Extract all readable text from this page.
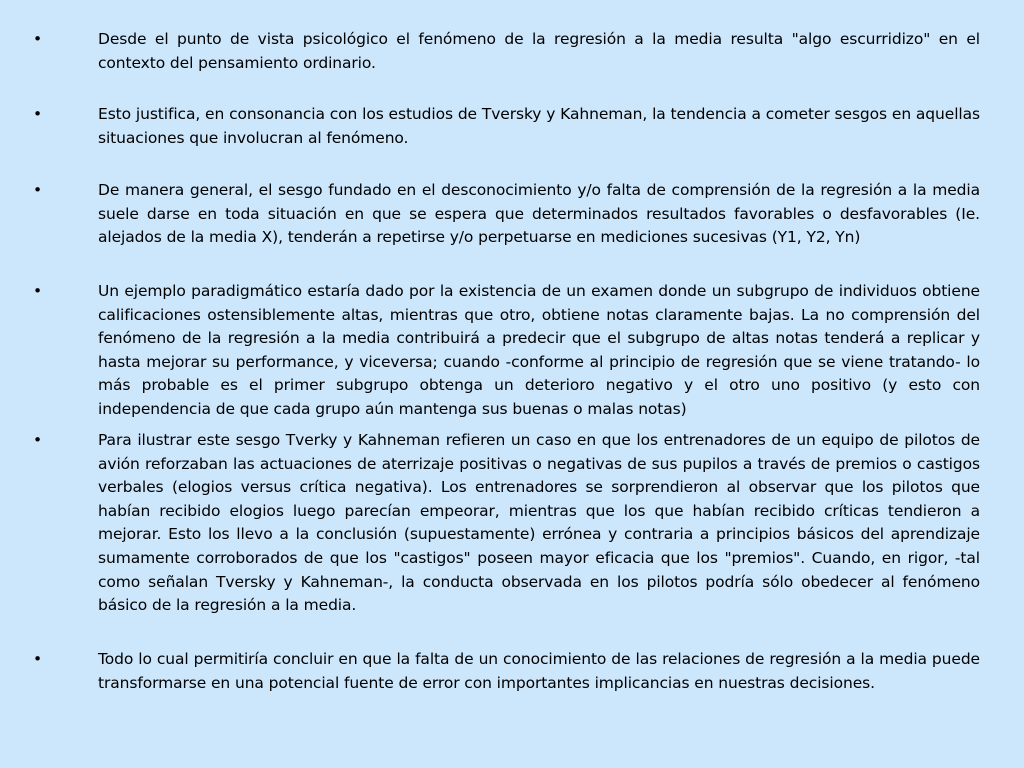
•	Desde el punto de vista psicológico el fenómeno de la regresión a la media resulta "algo escurridizo" en el contexto del pensamiento ordinario.
•	Esto justifica, en consonancia con los estudios de Tversky y Kahneman, la tendencia a cometer sesgos en aquellas situaciones que involucran al fenómeno.
•	De manera general, el sesgo fundado en el desconocimiento y/o falta de comprensión de la regresión a la media suele darse en toda situación en que se espera que determinados resultados favorables o desfavorables (Ie. alejados de la media X), tenderán a repetirse y/o perpetuarse en mediciones sucesivas (Y1, Y2, Yn)
•	Un ejemplo paradigmático estaría dado por la existencia de un examen donde un subgrupo de individuos obtiene calificaciones ostensiblemente altas, mientras que otro, obtiene notas claramente bajas. La no comprensión del fenómeno de la regresión a la media contribuirá a predecir que el subgrupo de altas notas tenderá a replicar y hasta mejorar su performance, y viceversa; cuando -conforme al principio de regresión que se viene tratando- lo más probable es el primer subgrupo obtenga un deterioro negativo y el otro uno positivo (y esto con independencia de que cada grupo aún mantenga sus buenas o malas notas)
•	Para ilustrar este sesgo Tverky y Kahneman refieren un caso en que los entrenadores de un equipo de pilotos de avión reforzaban las actuaciones de aterrizaje positivas o negativas de sus pupilos a través de premios o castigos verbales (elogios versus crítica negativa). Los entrenadores se sorprendieron al observar que los pilotos que habían recibido elogios luego parecían empeorar, mientras que los que habían recibido críticas tendieron a mejorar. Esto los llevo a la conclusión (supuestamente) errónea y contraria a principios básicos del aprendizaje sumamente corroborados de que los "castigos" poseen mayor eficacia que los "premios". Cuando, en rigor, -tal como señalan Tversky y Kahneman-, la conducta observada en los pilotos podría sólo obedecer al fenómeno básico de la regresión a la media.
•	Todo lo cual permitiría concluir en que la falta de un conocimiento de las relaciones de regresión a la media puede transformarse en una potencial fuente de error con importantes implicancias en nuestras decisiones.
